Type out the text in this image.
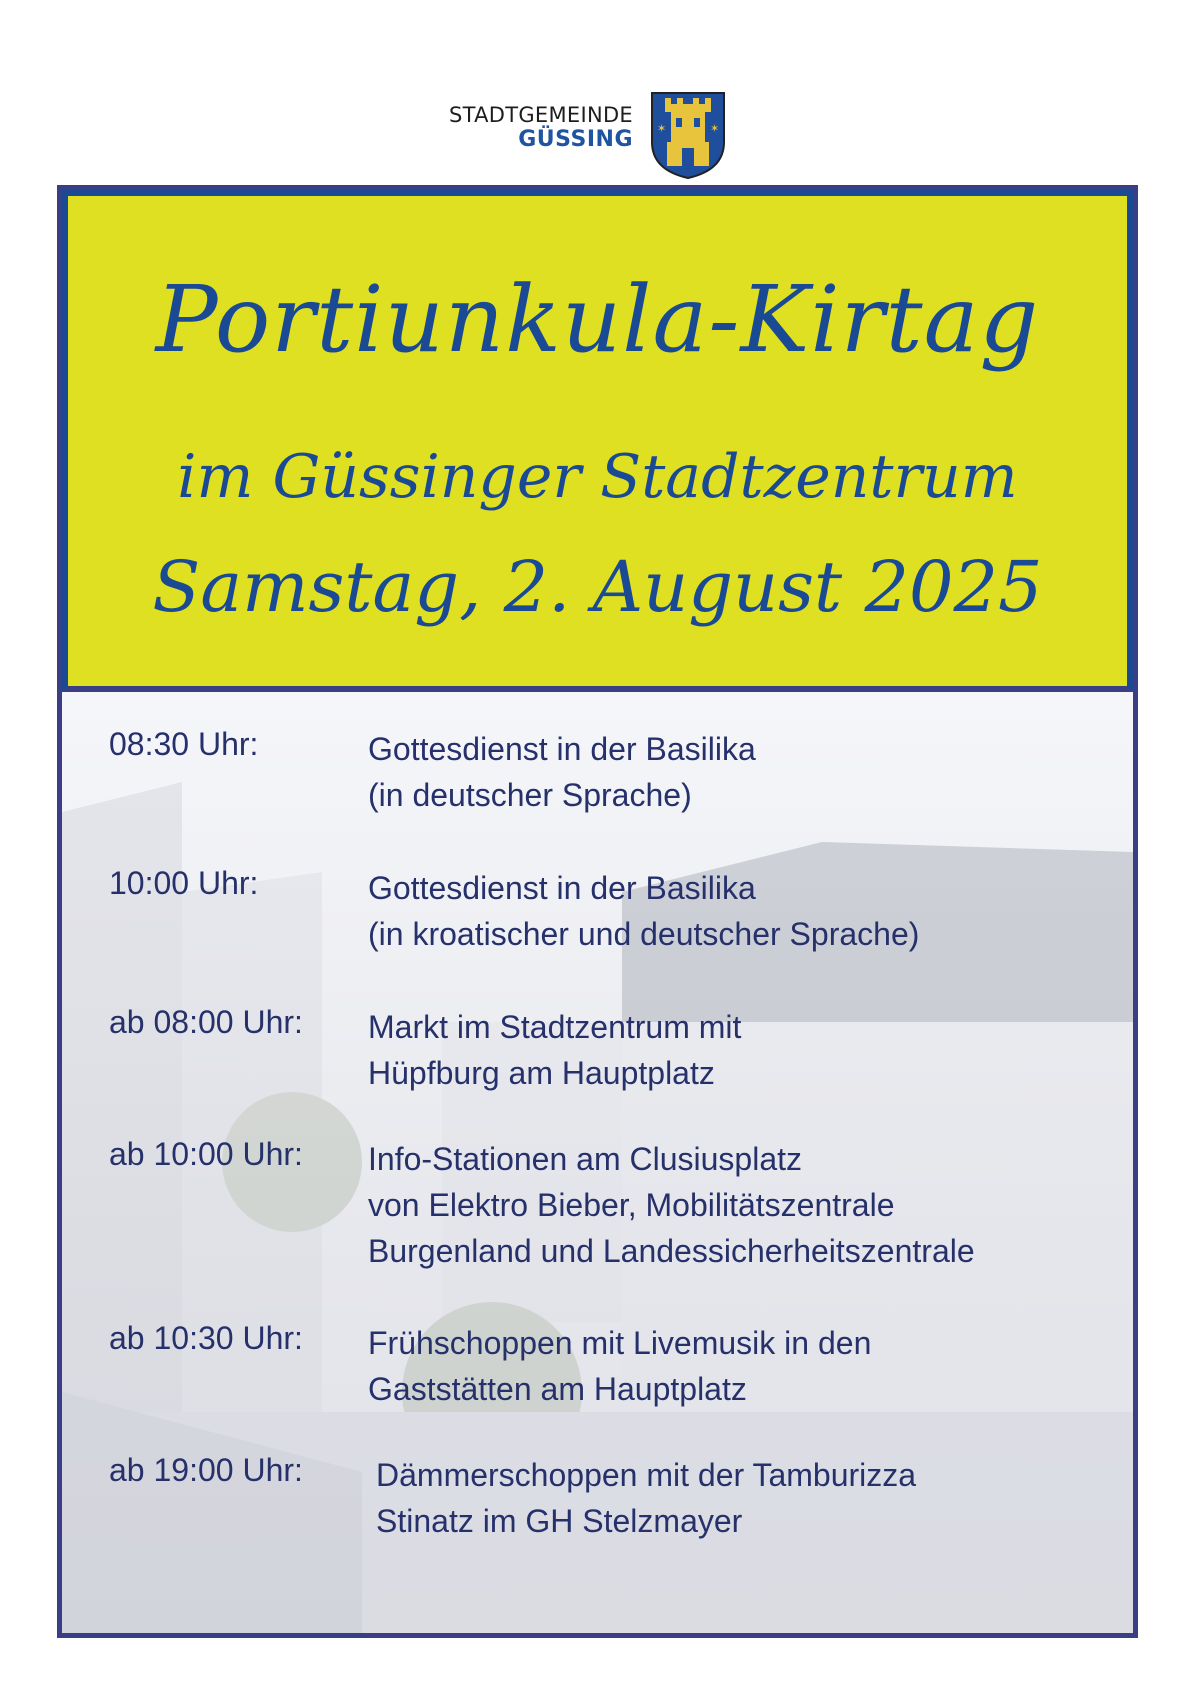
STADTGEMEINDE
GÜSSING ✶	✶
Portiunkula-Kirtag
im Güssinger Stadtzentrum
Samstag, 2. August 2025
08:30 Uhr:	Gottesdienst in der Basilika
(in deutscher Sprache)
10:00 Uhr:	Gottesdienst in der Basilika
(in kroatischer und deutscher Sprache)
ab 08:00 Uhr: Markt im Stadtzentrum mit
Hüpfburg am Hauptplatz
ab 10:00 Uhr: Info-Stationen am Clusiusplatz
von Elektro Bieber, Mobilitätszentrale
Burgenland und Landessicherheitszentrale
ab 10:30 Uhr: Frühschoppen mit Livemusik in den
Gaststätten am Hauptplatz
ab 19:00 Uhr: Dämmerschoppen mit der Tamburizza
Stinatz im GH Stelzmayer
